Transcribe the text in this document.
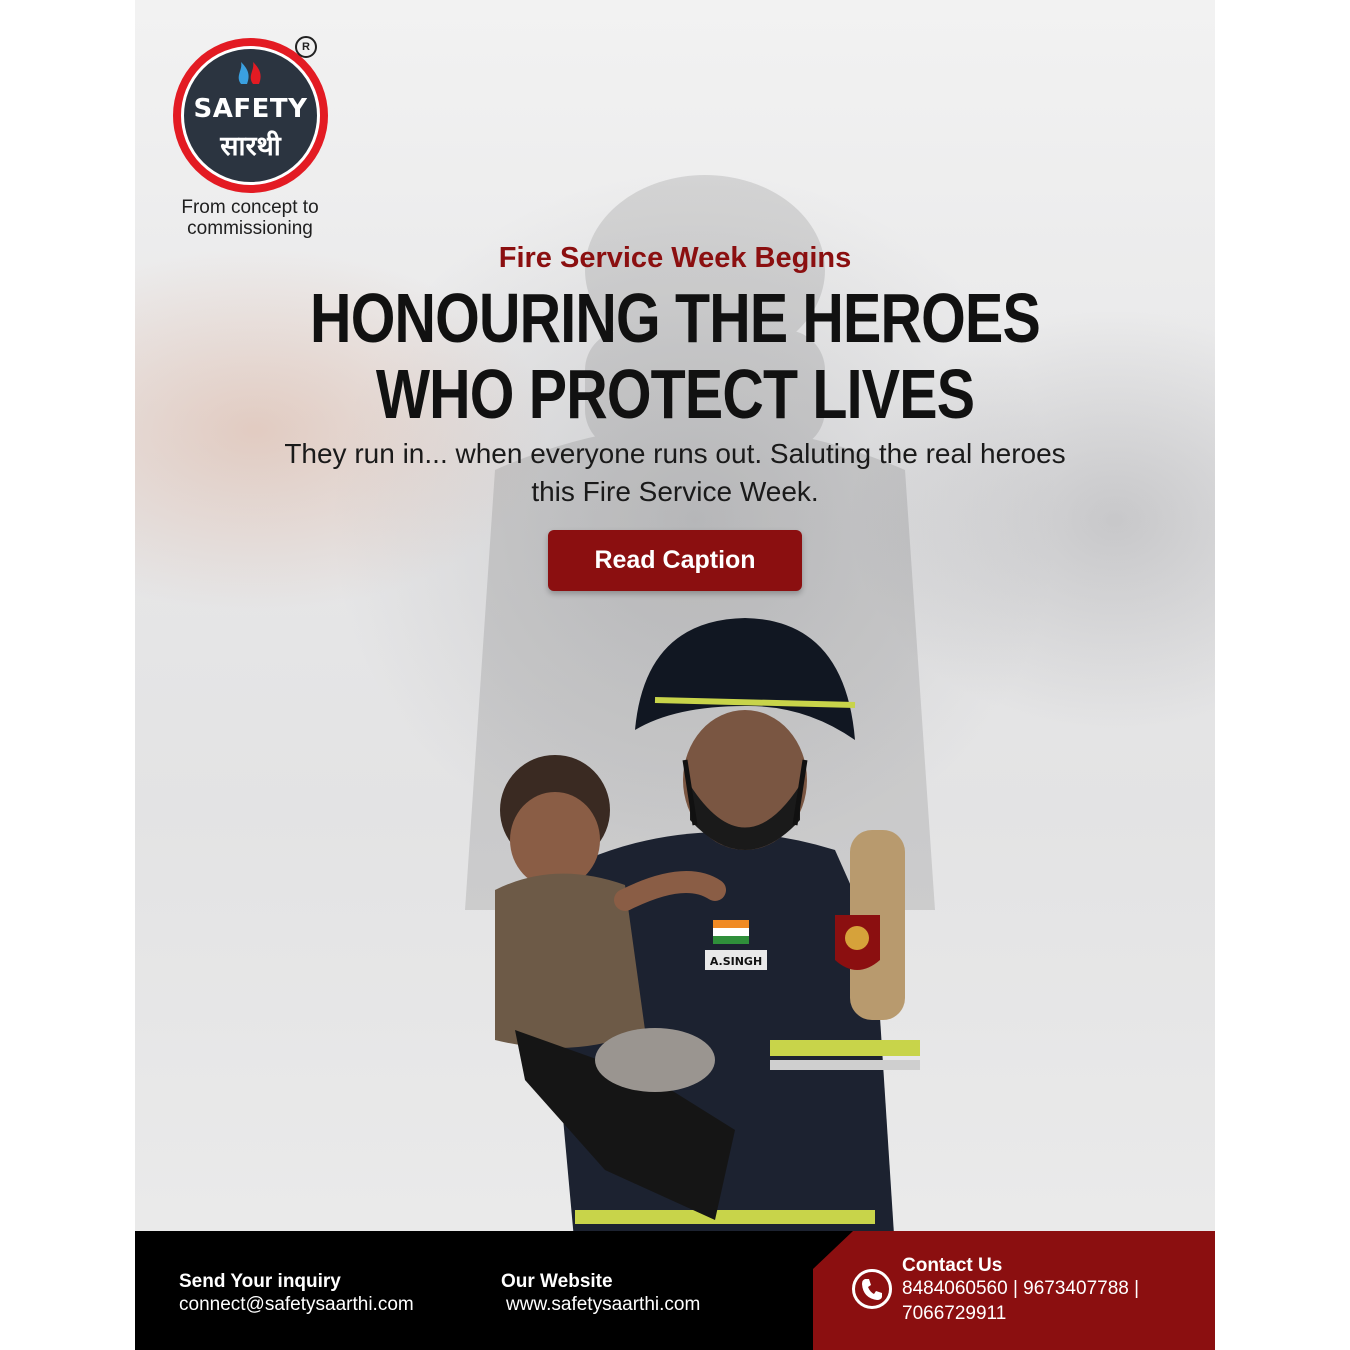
SAFETY
सारथी
R
From concept to commissioning
Fire Service Week Begins
HONOURING THE HEROES WHO PROTECT LIVES
They run in... when everyone runs out. Saluting the real heroes this Fire Service Week.
Read Caption
A.SINGH
Send Your inquiry
connect@safetysaarthi.com
Our Website
www.safetysaarthi.com
Contact Us
8484060560 | 9673407788 |
7066729911
